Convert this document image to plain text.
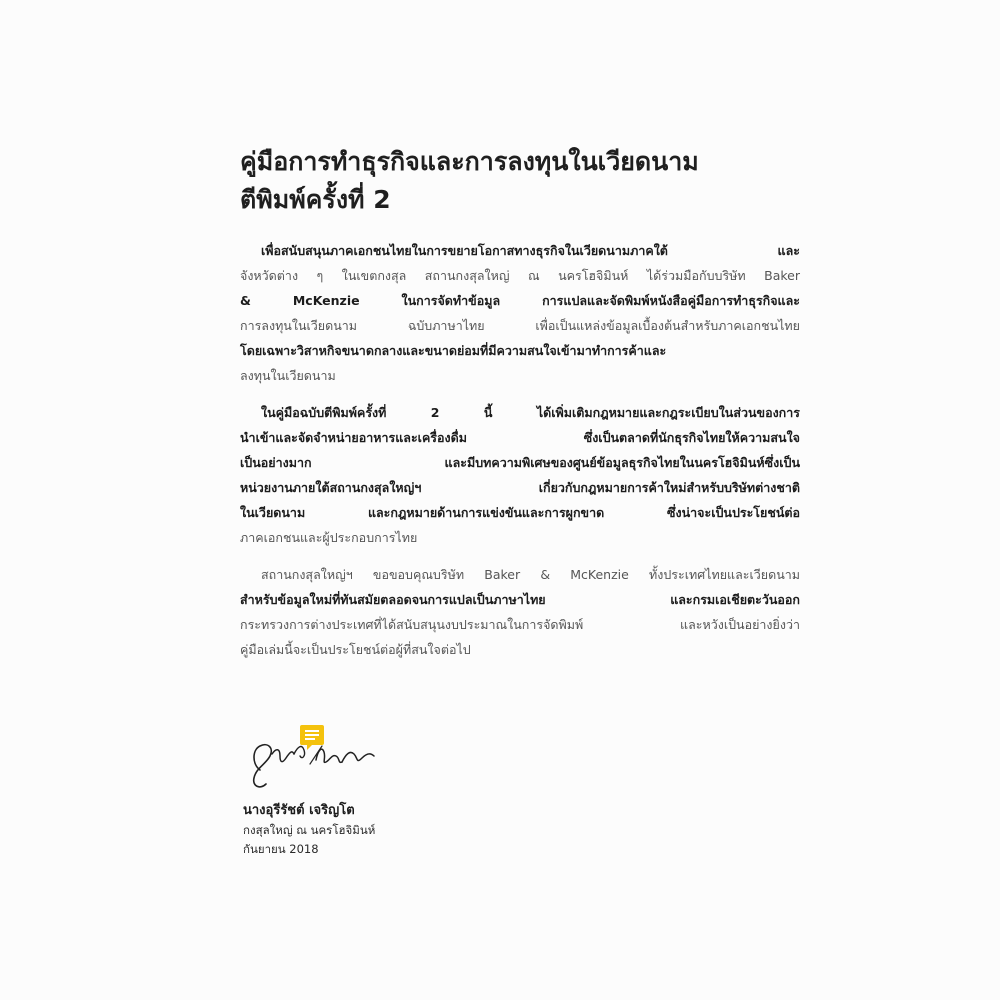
คู่มือการทำธุรกิจและการลงทุนในเวียดนาม
ตีพิมพ์ครั้งที่ 2
เพื่อสนับสนุนภาคเอกชนไทยในการขยายโอกาสทางธุรกิจในเวียดนามภาคใต้ และ
จังหวัดต่าง ๆ ในเขตกงสุล สถานกงสุลใหญ่ ณ นครโฮจิมินห์ ได้ร่วมมือกับบริษัท Baker
& McKenzie ในการจัดทำข้อมูล การแปลและจัดพิมพ์หนังสือคู่มือการทำธุรกิจและ
การลงทุนในเวียดนาม ฉบับภาษาไทย เพื่อเป็นแหล่งข้อมูลเบื้องต้นสำหรับภาคเอกชนไทย
โดยเฉพาะวิสาหกิจขนาดกลางและขนาดย่อมที่มีความสนใจเข้ามาทำการค้าและ
ลงทุนในเวียดนาม
ในคู่มือฉบับตีพิมพ์ครั้งที่ 2 นี้ ได้เพิ่มเติมกฎหมายและกฎระเบียบในส่วนของการ
นำเข้าและจัดจำหน่ายอาหารและเครื่องดื่ม ซึ่งเป็นตลาดที่นักธุรกิจไทยให้ความสนใจ
เป็นอย่างมาก และมีบทความพิเศษของศูนย์ข้อมูลธุรกิจไทยในนครโฮจิมินห์ซึ่งเป็น
หน่วยงานภายใต้สถานกงสุลใหญ่ฯ เกี่ยวกับกฎหมายการค้าใหม่สำหรับบริษัทต่างชาติ
ในเวียดนาม และกฎหมายด้านการแข่งขันและการผูกขาด ซึ่งน่าจะเป็นประโยชน์ต่อ
ภาคเอกชนและผู้ประกอบการไทย
สถานกงสุลใหญ่ฯ ขอขอบคุณบริษัท Baker & McKenzie ทั้งประเทศไทยและเวียดนาม
สำหรับข้อมูลใหม่ที่ทันสมัยตลอดจนการแปลเป็นภาษาไทย และกรมเอเชียตะวันออก
กระทรวงการต่างประเทศที่ได้สนับสนุนงบประมาณในการจัดพิมพ์ และหวังเป็นอย่างยิ่งว่า
คู่มือเล่มนี้จะเป็นประโยชน์ต่อผู้ที่สนใจต่อไป
นางอุรีรัชต์ เจริญโต
กงสุลใหญ่ ณ นครโฮจิมินห์
กันยายน 2018
